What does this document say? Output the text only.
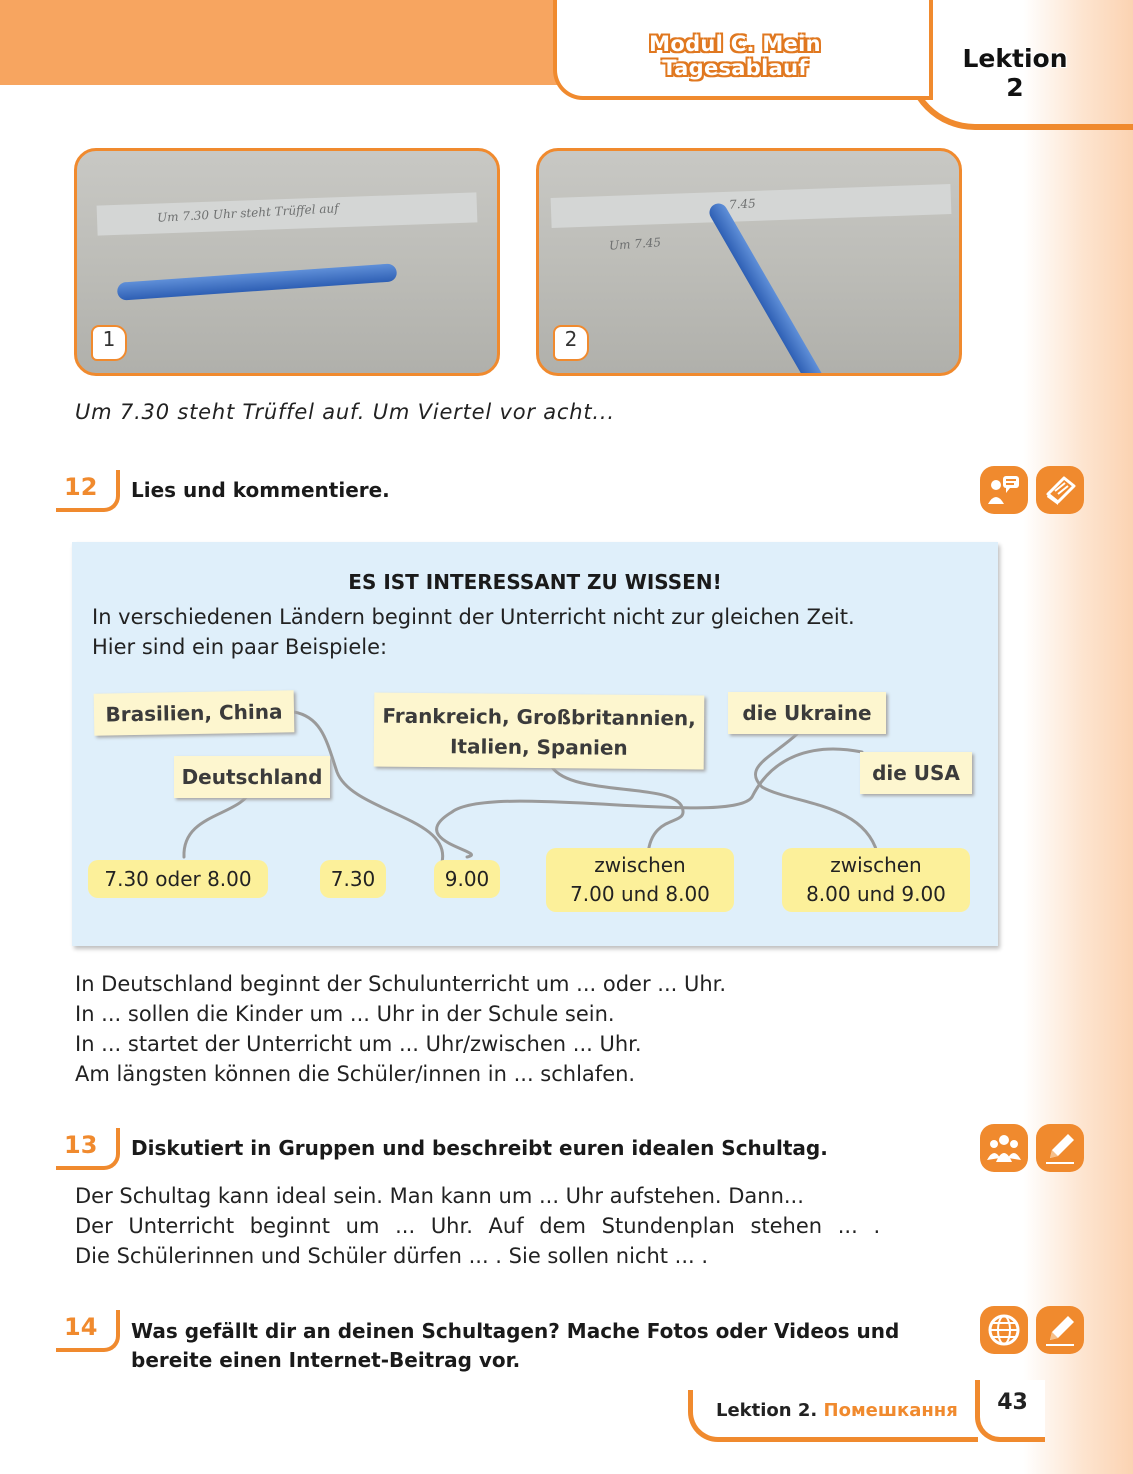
Modul C. Mein Tagesablauf	Lektion 2
Um 7.30 Uhr steht Trüffel auf
1
7.45
Um 7.45
2
Um 7.30 steht Trüffel auf. Um Viertel vor acht...
12	Lies und kommentiere.
ES IST INTERESSANT ZU WISSEN!
In verschiedenen Ländern beginnt der Unterricht nicht zur gleichen Zeit.
Hier sind ein paar Beispiele:
Brasilien, China
Deutschland
Frankreich, Großbritannien,
Italien, Spanien
die Ukraine
die USA
7.30 oder 8.00	7.30	9.00
zwischen
7.00 und 8.00
zwischen
8.00 und 9.00
In Deutschland beginnt der Schulunterricht um ... oder ... Uhr.
In ... sollen die Kinder um ... Uhr in der Schule sein.
In ... startet der Unterricht um ... Uhr/zwischen ... Uhr.
Am längsten können die Schüler/innen in ... schlafen.
13	Diskutiert in Gruppen und beschreibt euren idealen Schultag.
Der Schultag kann ideal sein. Man kann um ... Uhr aufstehen. Dann...
Der Unterricht beginnt um ... Uhr. Auf dem Stundenplan stehen ... .
Die Schülerinnen und Schüler dürfen ... . Sie sollen nicht ... .
14	Was gefällt dir an deinen Schultagen? Mache Fotos oder Videos und
bereite einen Internet-Beitrag vor.
Lektion 2. Помешкання	43
